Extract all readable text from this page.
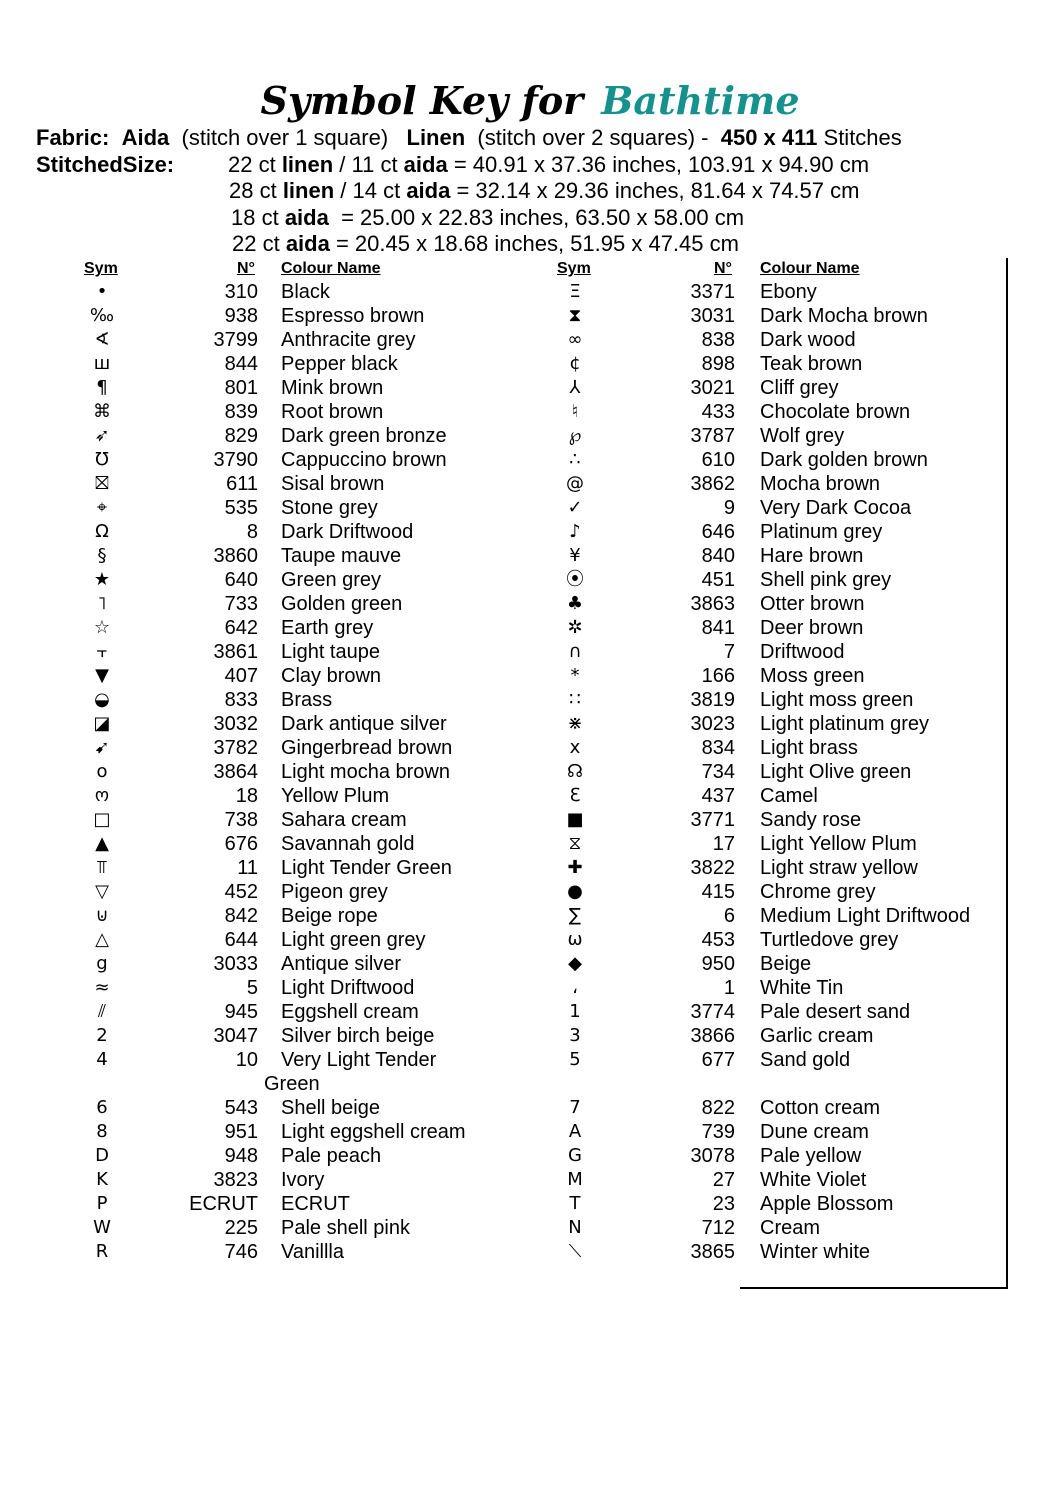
Symbol Key for Bathtime
Fabric: Aida (stitch over 1 square) Linen (stitch over 2 squares) - 450 x 411 Stitches
StitchedSize: 22 ct linen / 11 ct aida = 40.91 x 37.36 inches, 103.91 x 94.90 cm
28 ct linen / 14 ct aida = 32.14 x 29.36 inches, 81.64 x 74.57 cm
18 ct aida  = 25.00 x 22.83 inches, 63.50 x 58.00 cm
22 ct aida = 20.45 x 18.68 inches, 51.95 x 47.45 cm
Sym	N° Colour Name	Sym	N° Colour Name
•	310 Black	Ξ	3371 Ebony
‰	938 Espresso brown	⧗	3031 Dark Mocha brown
∢	3799 Anthracite grey	∞	838 Dark wood
ш	844 Pepper black	¢	898 Teak brown
¶	801 Mink brown	⅄	3021 Cliff grey
⌘	839 Root brown	♮	433 Chocolate brown
➶	829 Dark green bronze	℘	3787 Wolf grey
℧	3790 Cappuccino brown	∴	610 Dark golden brown
⛝	611 Sisal brown	@	3862 Mocha brown
⌖	535 Stone grey	✓	9 Very Dark Cocoa
Ω	8 Dark Driftwood	♪	646 Platinum grey
§	3860 Taupe mauve	¥	840 Hare brown
★	640 Green grey	⦿	451 Shell pink grey
˥	733 Golden green	♣	3863 Otter brown
☆	642 Earth grey	✲	841 Deer brown
⫟	3861 Light taupe	∩	7 Driftwood
▼	407 Clay brown	*	166 Moss green
◒	833 Brass	∷	3819 Light moss green
◪	3032 Dark antique silver	⋇	3023 Light platinum grey
➹	3782 Gingerbread brown	x	834 Light brass
o	3864 Light mocha brown	☊	734 Light Olive green
ო	18 Yellow Plum	ℇ	437 Camel
□	738 Sahara cream	■	3771 Sandy rose
▲	676 Savannah gold	⧖	17 Light Yellow Plum
⫪	11 Light Tender Green	✚	3822 Light straw yellow
▽	452 Pigeon grey	●	415 Chrome grey
⊍	842 Beige rope	∑	6 Medium Light Driftwood
△	644 Light green grey	ω	453 Turtledove grey
g	3033 Antique silver	◆	950 Beige
≈	5 Light Driftwood	،	1 White Tin
⫽	945 Eggshell cream	1	3774 Pale desert sand
2	3047 Silver birch beige	3	3866 Garlic cream
4	10 Very Light Tender	5	677 Sand gold
Green
6	543 Shell beige	7	822 Cotton cream
8	951 Light eggshell cream	A	739 Dune cream
D	948 Pale peach	G	3078 Pale yellow
K	3823 Ivory	M	27 White Violet
P	ECRUT ECRUT	T	23 Apple Blossom
W	225 Pale shell pink	N	712 Cream
R	746 Vanillla	⟍	3865 Winter white
